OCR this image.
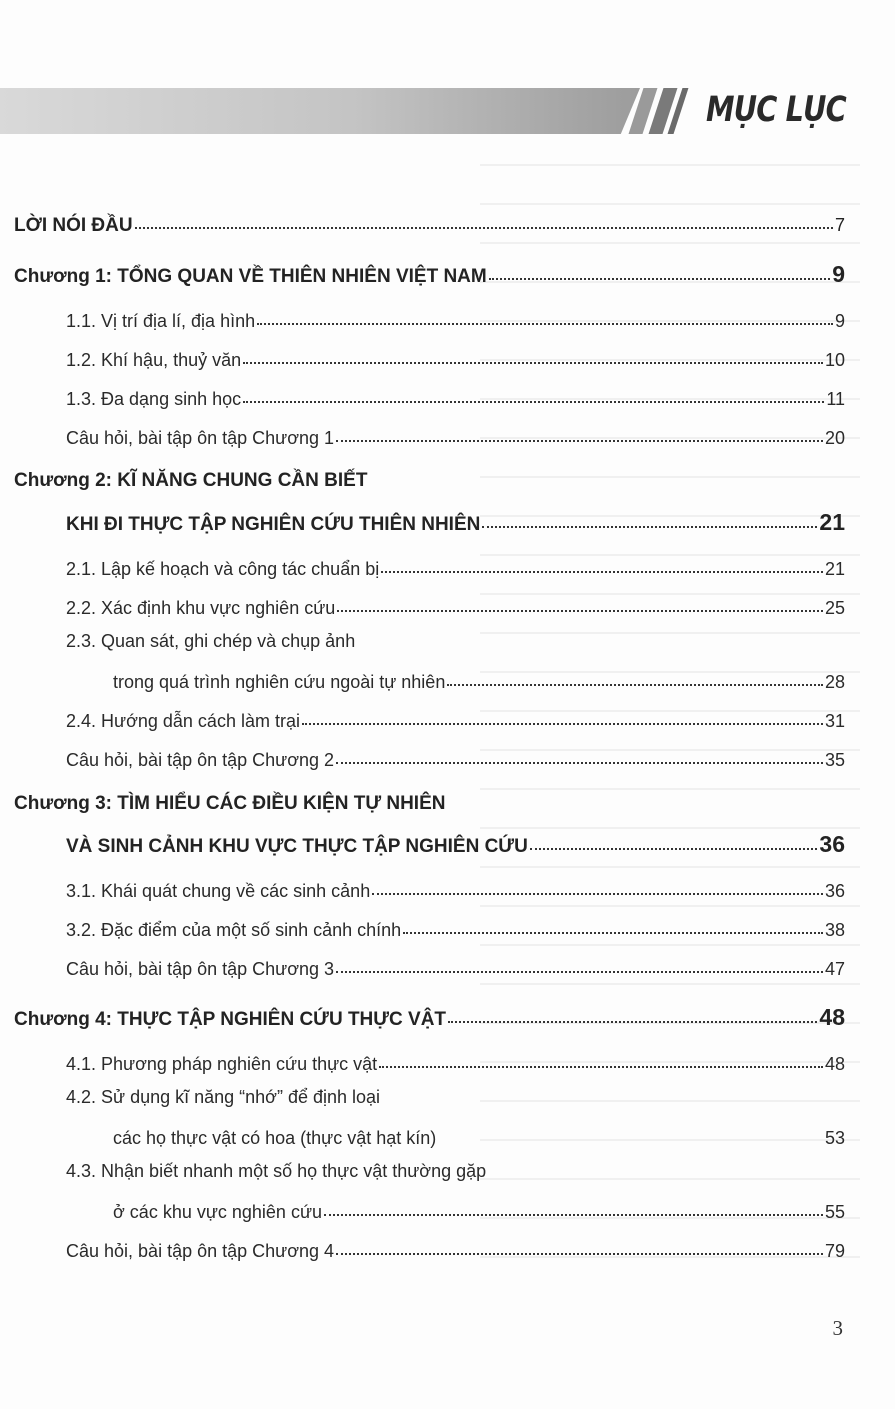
MỤC LỤC
LỜI NÓI ĐẦU	7
Chương 1: TỔNG QUAN VỀ THIÊN NHIÊN VIỆT NAM	9
1.1. Vị trí địa lí, địa hình	9
1.2. Khí hậu, thuỷ văn	10
1.3. Đa dạng sinh học	11
Câu hỏi, bài tập ôn tập Chương 1	20
Chương 2: KĨ NĂNG CHUNG CẦN BIẾT
KHI ĐI THỰC TẬP NGHIÊN CỨU THIÊN NHIÊN	21
2.1. Lập kế hoạch và công tác chuẩn bị	21
2.2. Xác định khu vực nghiên cứu	25
2.3. Quan sát, ghi chép và chụp ảnh
trong quá trình nghiên cứu ngoài tự nhiên	28
2.4. Hướng dẫn cách làm trại	31
Câu hỏi, bài tập ôn tập Chương 2	35
Chương 3: TÌM HIỂU CÁC ĐIỀU KIỆN TỰ NHIÊN
VÀ SINH CẢNH KHU VỰC THỰC TẬP NGHIÊN CỨU	36
3.1. Khái quát chung về các sinh cảnh	36
3.2. Đặc điểm của một số sinh cảnh chính	38
Câu hỏi, bài tập ôn tập Chương 3	47
Chương 4: THỰC TẬP NGHIÊN CỨU THỰC VẬT	48
4.1. Phương pháp nghiên cứu thực vật	48
4.2. Sử dụng kĩ năng “nhớ” để định loại
các họ thực vật có hoa (thực vật hạt kín)	53
4.3. Nhận biết nhanh một số họ thực vật thường gặp
ở các khu vực nghiên cứu	55
Câu hỏi, bài tập ôn tập Chương 4	79
3
